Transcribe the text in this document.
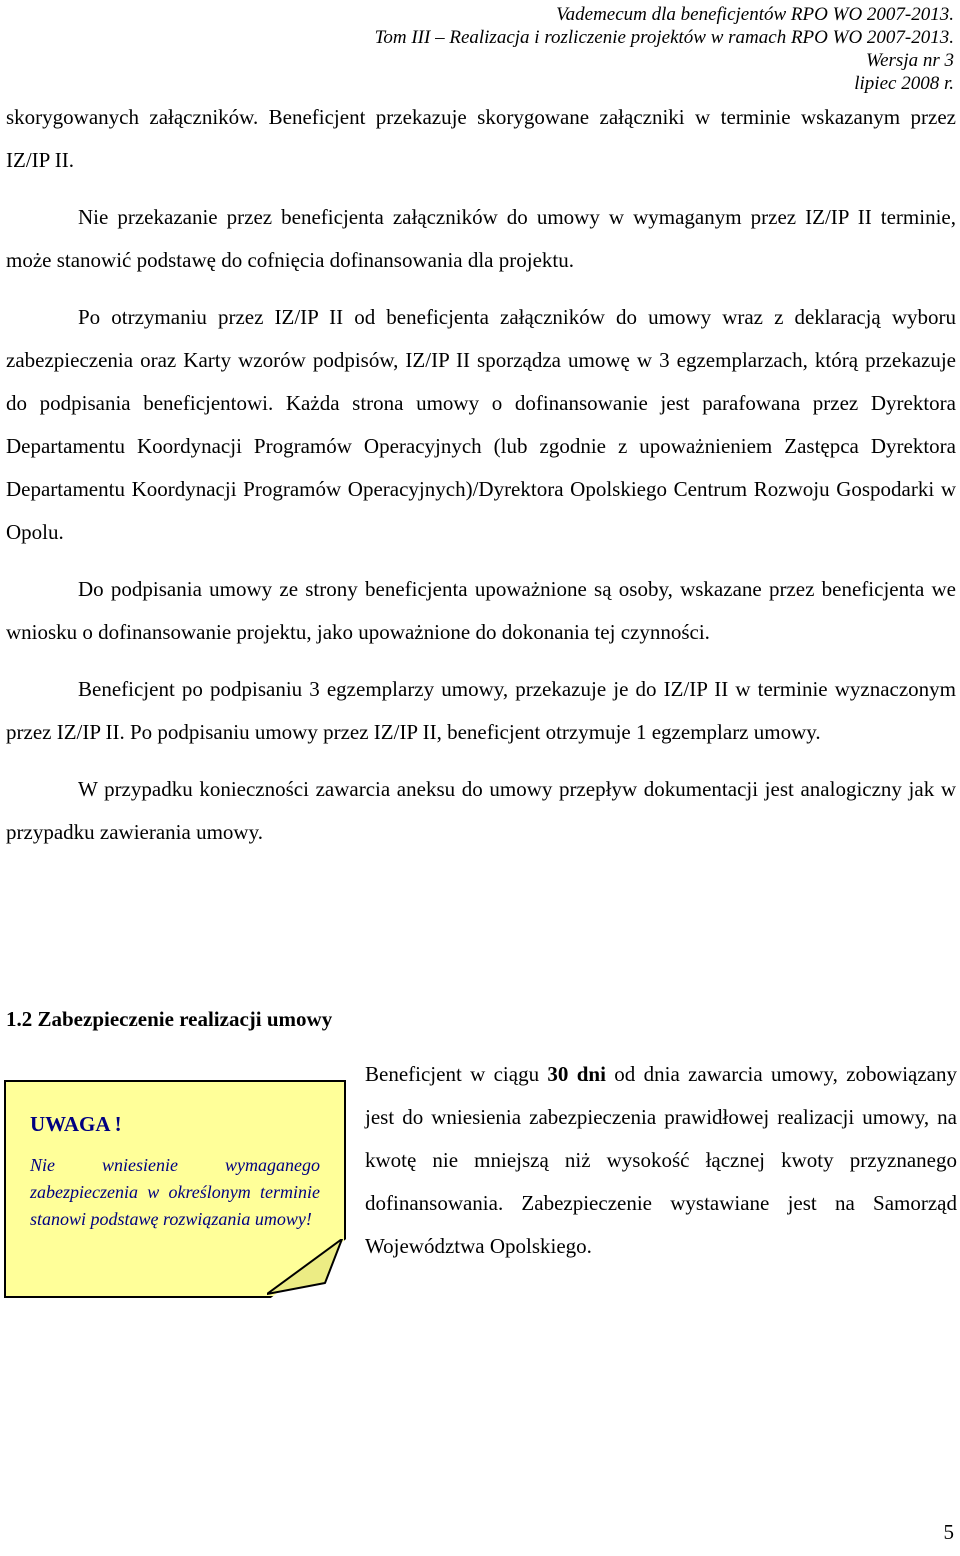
Vademecum dla beneficjentów RPO WO 2007-2013.
Tom III – Realizacja i rozliczenie projektów w ramach RPO WO 2007-2013.
Wersja nr 3
lipiec 2008 r.

skorygowanych załączników. Beneficjent przekazuje skorygowane załączniki w terminie wskazanym przez IZ/IP II.

Nie przekazanie przez beneficjenta załączników do umowy w wymaganym przez IZ/IP II terminie, może stanowić podstawę do cofnięcia dofinansowania dla projektu.

Po otrzymaniu przez IZ/IP II od beneficjenta załączników do umowy wraz z deklaracją wyboru zabezpieczenia oraz Karty wzorów podpisów, IZ/IP II sporządza umowę w 3 egzemplarzach, którą przekazuje do podpisania beneficjentowi. Każda strona umowy o dofinansowanie jest parafowana przez Dyrektora Departamentu Koordynacji Programów Operacyjnych (lub zgodnie z upoważnieniem Zastępca Dyrektora Departamentu Koordynacji Programów Operacyjnych)/Dyrektora Opolskiego Centrum Rozwoju Gospodarki w Opolu.

Do podpisania umowy ze strony beneficjenta upoważnione są osoby, wskazane przez beneficjenta we wniosku o dofinansowanie projektu, jako upoważnione do dokonania tej czynności.

Beneficjent po podpisaniu 3 egzemplarzy umowy, przekazuje je do IZ/IP II w terminie wyznaczonym przez IZ/IP II. Po podpisaniu umowy przez IZ/IP II, beneficjent otrzymuje 1 egzemplarz umowy.

W przypadku konieczności zawarcia aneksu do umowy przepływ dokumentacji jest analogiczny jak w przypadku zawierania umowy.

1.2 Zabezpieczenie realizacji umowy
UWAGA !
Nie wniesienie wymaganego zabezpieczenia w określonym terminie stanowi podstawę rozwiązania umowy!
Beneficjent w ciągu 30 dni od dnia zawarcia umowy, zobowiązany jest do wniesienia zabezpieczenia prawidłowej realizacji umowy, na kwotę nie mniejszą niż wysokość łącznej kwoty przyznanego dofinansowania. Zabezpieczenie wystawiane jest na Samorząd Województwa Opolskiego.
5
